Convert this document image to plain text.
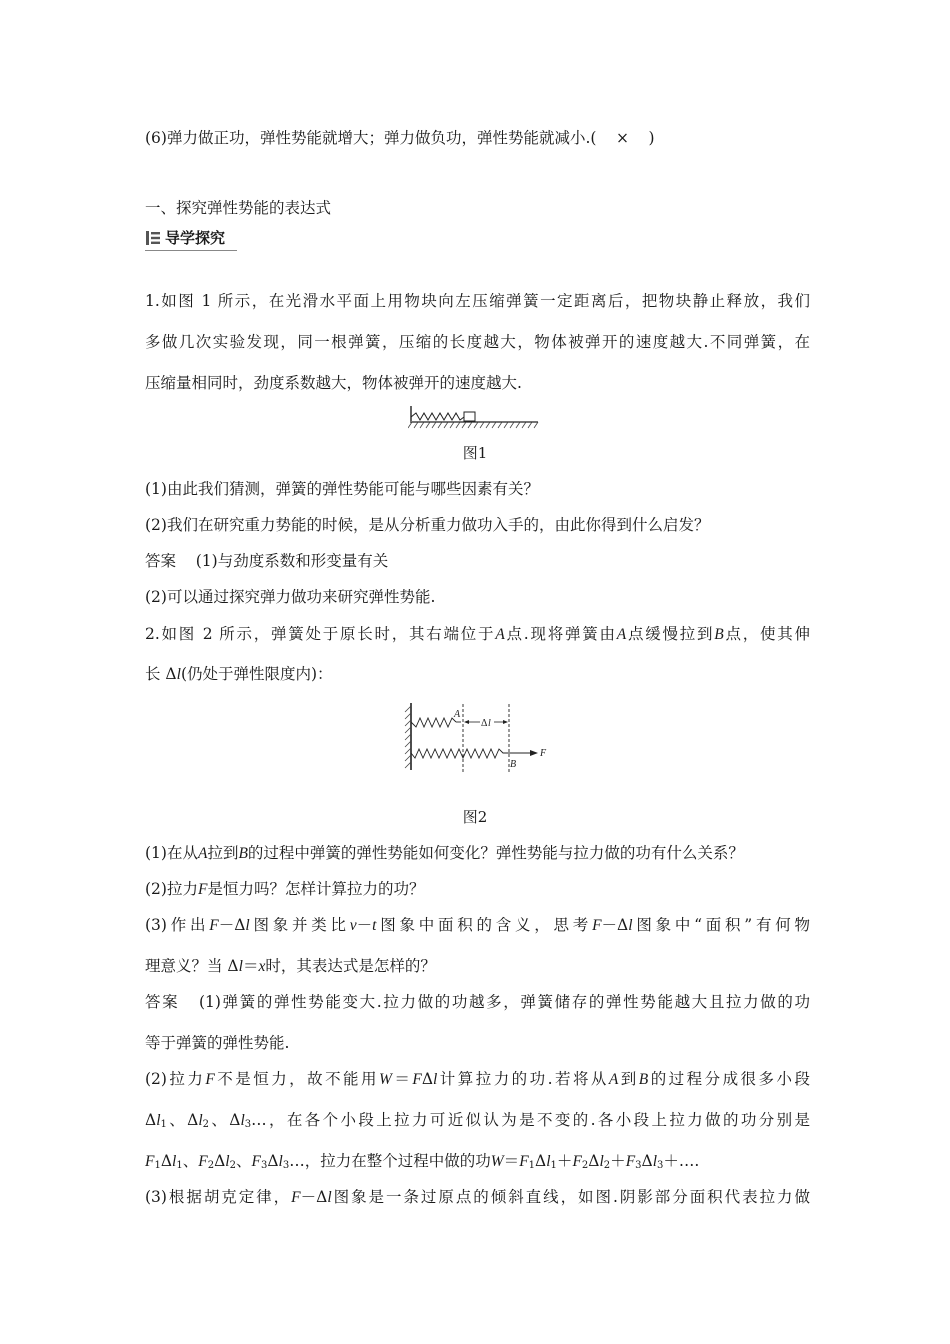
(6)弹力做正功，弹性势能就增大；弹力做负功，弹性势能就减小.( × )
一、探究弹性势能的表达式
导学探究
1.如图 1 所示，在光滑水平面上用物块向左压缩弹簧一定距离后，把物块静止释放，我们
多做几次实验发现，同一根弹簧，压缩的长度越大，物体被弹开的速度越大.不同弹簧，在
压缩量相同时，劲度系数越大，物体被弹开的速度越大.
图1
(1)由此我们猜测，弹簧的弹性势能可能与哪些因素有关？
(2)我们在研究重力势能的时候，是从分析重力做功入手的，由此你得到什么启发？
答案 (1)与劲度系数和形变量有关
(2)可以通过探究弹力做功来研究弹性势能.
2.如图 2 所示，弹簧处于原长时，其右端位于A点.现将弹簧由A点缓慢拉到B点，使其伸
长 Δl(仍处于弹性限度内)：
A
Δ l
B
F
图2
(1)在从A拉到B的过程中弹簧的弹性势能如何变化？弹性势能与拉力做的功有什么关系？
(2)拉力F是恒力吗？怎样计算拉力的功？
(3)作出F－Δl图象并类比v－t图象中面积的含义，思考F－Δl图象中“面积”有何物
理意义？当 Δl＝x时，其表达式是怎样的？
答案 (1)弹簧的弹性势能变大.拉力做的功越多，弹簧储存的弹性势能越大且拉力做的功
等于弹簧的弹性势能.
(2)拉力F不是恒力，故不能用W＝FΔl计算拉力的功.若将从A到B的过程分成很多小段
$\Delta l_1$、$\Delta l_2$、$\Delta l_3\dots$，在各个小段上拉力可近似认为是不变的.各小段上拉力做的功分别是
$F_1\Delta l_1$、$F_2\Delta l_2$、$F_3\Delta l_3\dots$，拉力在整个过程中做的功$W=F_1\Delta l_1+F_2\Delta l_2+F_3\Delta l_3+\dots$.
(3)根据胡克定律，F－Δl图象是一条过原点的倾斜直线，如图.阴影部分面积代表拉力做
